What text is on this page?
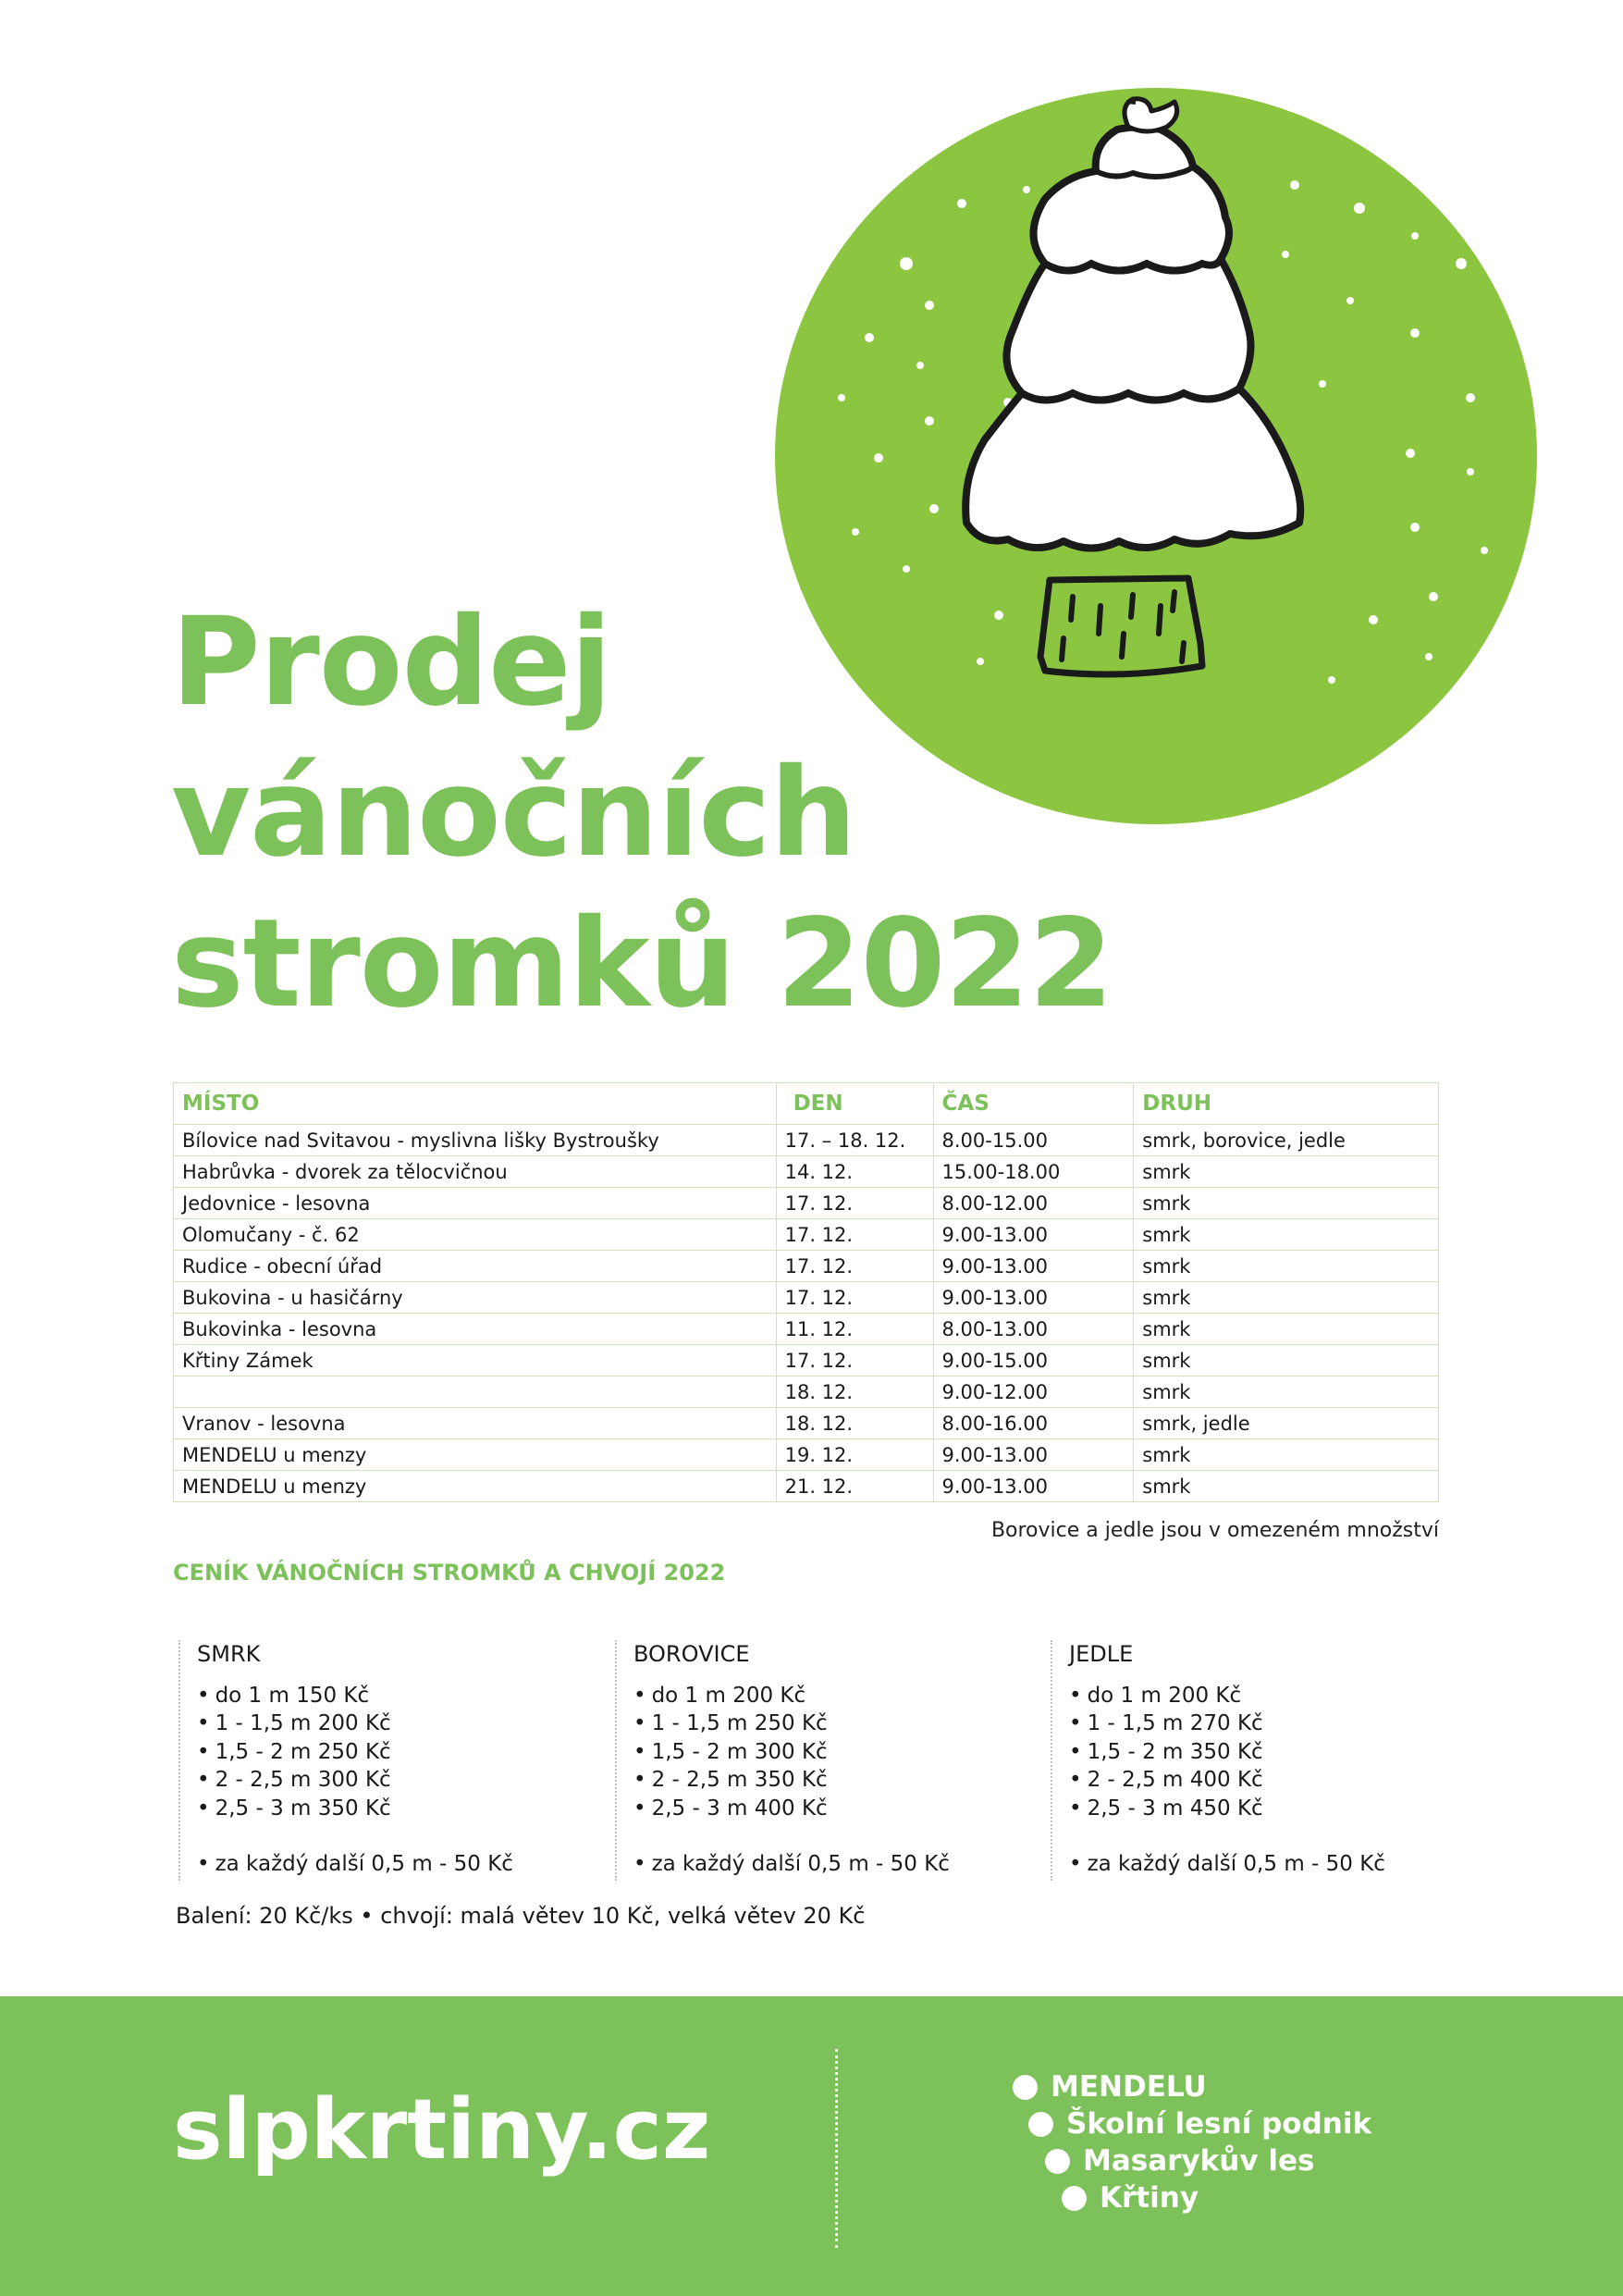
Prodej
vánočních
stromků 2022
MÍSTO	DEN	ČAS	DRUH
Bílovice nad Svitavou - myslivna lišky Bystroušky	17. – 18. 12.	8.00-15.00	smrk, borovice, jedle
Habrůvka - dvorek za tělocvičnou	14. 12.	15.00-18.00	smrk
Jedovnice - lesovna	17. 12.	8.00-12.00	smrk
Olomučany - č. 62	17. 12.	9.00-13.00	smrk
Rudice - obecní úřad	17. 12.	9.00-13.00	smrk
Bukovina - u hasičárny	17. 12.	9.00-13.00	smrk
Bukovinka - lesovna	11. 12.	8.00-13.00	smrk
Křtiny Zámek	17. 12.	9.00-15.00	smrk
	18. 12.	9.00-12.00	smrk
Vranov - lesovna	18. 12.	8.00-16.00	smrk, jedle
MENDELU u menzy	19. 12.	9.00-13.00	smrk
MENDELU u menzy	21. 12.	9.00-13.00	smrk
Borovice a jedle jsou v omezeném množství
CENÍK VÁNOČNÍCH STROMKŮ A CHVOJÍ 2022
SMRK
• do 1 m 150 Kč
• 1 - 1,5 m 200 Kč
• 1,5 - 2 m 250 Kč
• 2 - 2,5 m 300 Kč
• 2,5 - 3 m 350 Kč
• za každý další 0,5 m - 50 Kč
BOROVICE
• do 1 m 200 Kč
• 1 - 1,5 m 250 Kč
• 1,5 - 2 m 300 Kč
• 2 - 2,5 m 350 Kč
• 2,5 - 3 m 400 Kč
• za každý další 0,5 m - 50 Kč
JEDLE
• do 1 m 200 Kč
• 1 - 1,5 m 270 Kč
• 1,5 - 2 m 350 Kč
• 2 - 2,5 m 400 Kč
• 2,5 - 3 m 450 Kč
• za každý další 0,5 m - 50 Kč
Balení: 20 Kč/ks • chvojí: malá větev 10 Kč, velká větev 20 Kč
slpkrtiny.cz	MENDELU
Školní lesní podnik
Masarykův les
Křtiny
